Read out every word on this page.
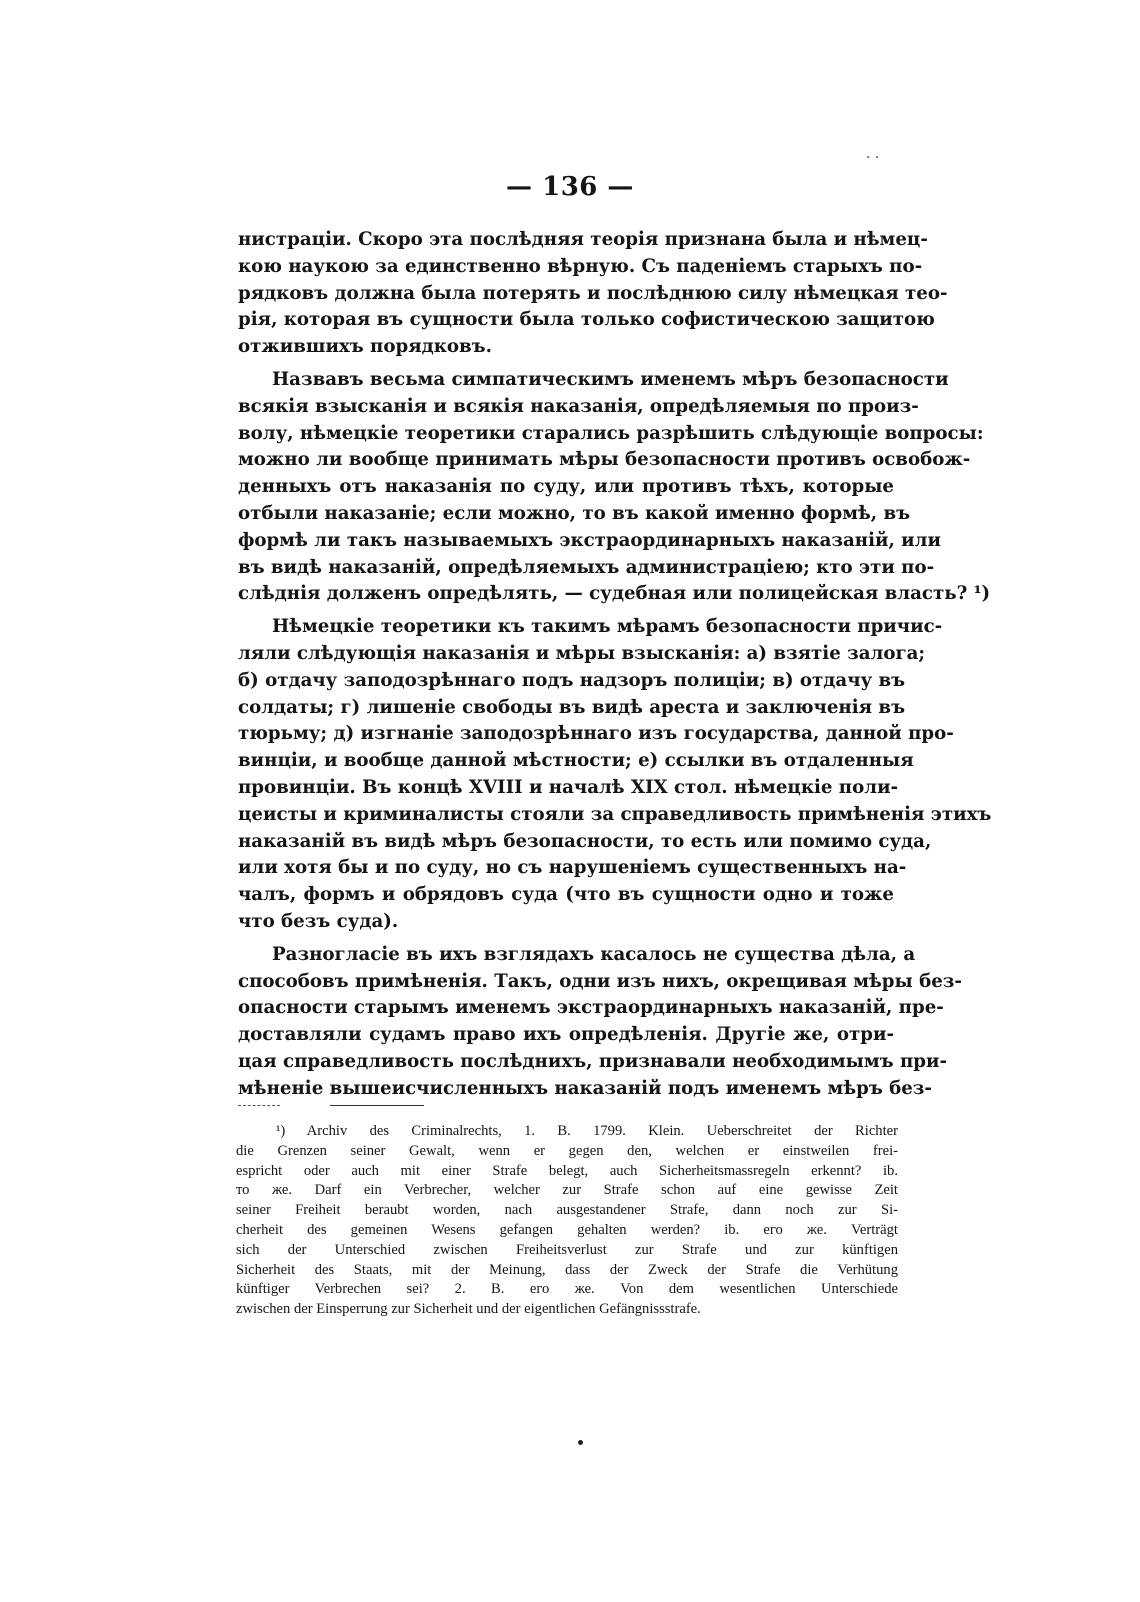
· ·
— 136 —
нистраціи. Скоро эта послѣдняя теорія признана была и нѣмец-
кою наукою за единственно вѣрную. Съ паденіемъ старыхъ по-
рядковъ должна была потерять и послѣднюю силу нѣмецкая тео-
рія, которая въ сущности была только софистическою защитою
отжившихъ порядковъ.
Назвавъ весьма симпатическимъ именемъ мѣръ безопасности
всякія взысканія и всякія наказанія, опредѣляемыя по произ-
волу, нѣмецкіе теоретики старались разрѣшить слѣдующіе вопросы:
можно ли вообще принимать мѣры безопасности противъ освобож-
денныхъ отъ наказанія по суду, или противъ тѣхъ, которые
отбыли наказаніе; если можно, то въ какой именно формѣ, въ
формѣ ли такъ называемыхъ экстраординарныхъ наказаній, или
въ видѣ наказаній, опредѣляемыхъ администраціею; кто эти по-
слѣднія долженъ опредѣлять, — судебная или полицейская власть? ¹)
Нѣмецкіе теоретики къ такимъ мѣрамъ безопасности причис-
ляли слѣдующія наказанія и мѣры взысканія: а) взятіе залога;
б) отдачу заподозрѣннаго подъ надзоръ полиціи; в) отдачу въ
солдаты; г) лишеніе свободы въ видѣ ареста и заключенія въ
тюрьму; д) изгнаніе заподозрѣннаго изъ государства, данной про-
винціи, и вообще данной мѣстности; е) ссылки въ отдаленныя
провинціи. Въ концѣ XVIII и началѣ XIX стол. нѣмецкіе поли-
цеисты и криминалисты стояли за справедливость примѣненія этихъ
наказаній въ видѣ мѣръ безопасности, то есть или помимо суда,
или хотя бы и по суду, но съ нарушеніемъ существенныхъ на-
чалъ, формъ и обрядовъ суда (что въ сущности одно и тоже
что безъ суда).
Разногласіе въ ихъ взглядахъ касалось не существа дѣла, а
способовъ примѣненія. Такъ, одни изъ нихъ, окрещивая мѣры без-
опасности старымъ именемъ экстраординарныхъ наказаній, пре-
доставляли судамъ право ихъ опредѣленія. Другіе же, отри-
цая справедливость послѣднихъ, признавали необходимымъ при-
мѣненіе вышеисчисленныхъ наказаній подъ именемъ мѣръ без-
¹) Archiv des Criminalrechts, 1. B. 1799. Klein. Ueberschreitet der Richter
die Grenzen seiner Gewalt, wenn er gegen den, welchen er einstweilen frei-
espricht oder auch mit einer Strafe belegt, auch Sicherheitsmassregeln erkennt? ib.
то же. Darf ein Verbrecher, welcher zur Strafe schon auf eine gewisse Zeit
seiner Freiheit beraubt worden, nach ausgestandener Strafe, dann noch zur Si-
cherheit des gemeinen Wesens gefangen gehalten werden? ib. его же. Verträgt
sich der Unterschied zwischen Freiheitsverlust zur Strafe und zur künftigen
Sicherheit des Staats, mit der Meinung, dass der Zweck der Strafe die Verhütung
künftiger Verbrechen sei? 2. B. его же. Von dem wesentlichen Unterschiede
zwischen der Einsperrung zur Sicherheit und der eigentlichen Gefängnissstrafe.
